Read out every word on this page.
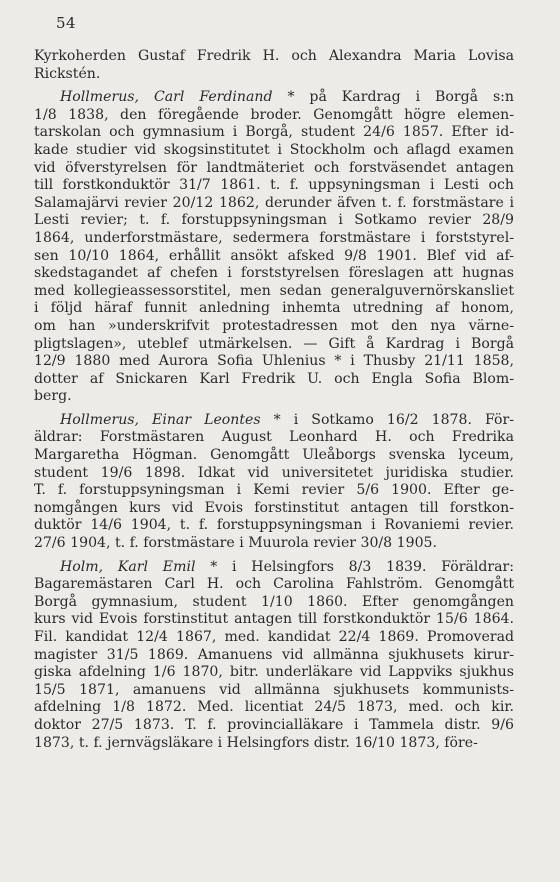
54
Kyrkoherden Gustaf Fredrik H. och Alexandra Maria Lovisa
Rickstén.
Hollmerus, Carl Ferdinand * på Kardrag i Borgå s:n
1/8 1838, den föregående broder. Genomgått högre elemen-
tarskolan och gymnasium i Borgå, student 24/6 1857. Efter id-
kade studier vid skogsinstitutet i Stockholm och aflagd examen
vid öfverstyrelsen för landtmäteriet och forstväsendet antagen
till forstkonduktör 31/7 1861. t. f. uppsyningsman i Lesti och
Salamajärvi revier 20/12 1862, derunder äfven t. f. forstmästare i
Lesti revier; t. f. forstuppsyningsman i Sotkamo revier 28/9
1864, underforstmästare, sedermera forstmästare i forststyrel-
sen 10/10 1864, erhållit ansökt afsked 9/8 1901. Blef vid af-
skedstagandet af chefen i forststyrelsen föreslagen att hugnas
med kollegieassessorstitel, men sedan generalguvernörskansliet
i följd häraf funnit anledning inhemta utredning af honom,
om han »underskrifvit protestadressen mot den nya värne-
pligtslagen», uteblef utmärkelsen. — Gift å Kardrag i Borgå
12/9 1880 med Aurora Sofia Uhlenius * i Thusby 21/11 1858,
dotter af Snickaren Karl Fredrik U. och Engla Sofia Blom-
berg.
Hollmerus, Einar Leontes * i Sotkamo 16/2 1878. För-
äldrar: Forstmästaren August Leonhard H. och Fredrika
Margaretha Högman. Genomgått Uleåborgs svenska lyceum,
student 19/6 1898. Idkat vid universitetet juridiska studier.
T. f. forstuppsyningsman i Kemi revier 5/6 1900. Efter ge-
nomgången kurs vid Evois forstinstitut antagen till forstkon-
duktör 14/6 1904, t. f. forstuppsyningsman i Rovaniemi revier.
27/6 1904, t. f. forstmästare i Muurola revier 30/8 1905.
Holm, Karl Emil * i Helsingfors 8/3 1839. Föräldrar:
Bagaremästaren Carl H. och Carolina Fahlström. Genomgått
Borgå gymnasium, student 1/10 1860. Efter genomgången
kurs vid Evois forstinstitut antagen till forstkonduktör 15/6 1864.
Fil. kandidat 12/4 1867, med. kandidat 22/4 1869. Promoverad
magister 31/5 1869. Amanuens vid allmänna sjukhusets kirur-
giska afdelning 1/6 1870, bitr. underläkare vid Lappviks sjukhus
15/5 1871, amanuens vid allmänna sjukhusets kommunists-
afdelning 1/8 1872. Med. licentiat 24/5 1873, med. och kir.
doktor 27/5 1873. T. f. provincialläkare i Tammela distr. 9/6
1873, t. f. jernvägsläkare i Helsingfors distr. 16/10 1873, före-
